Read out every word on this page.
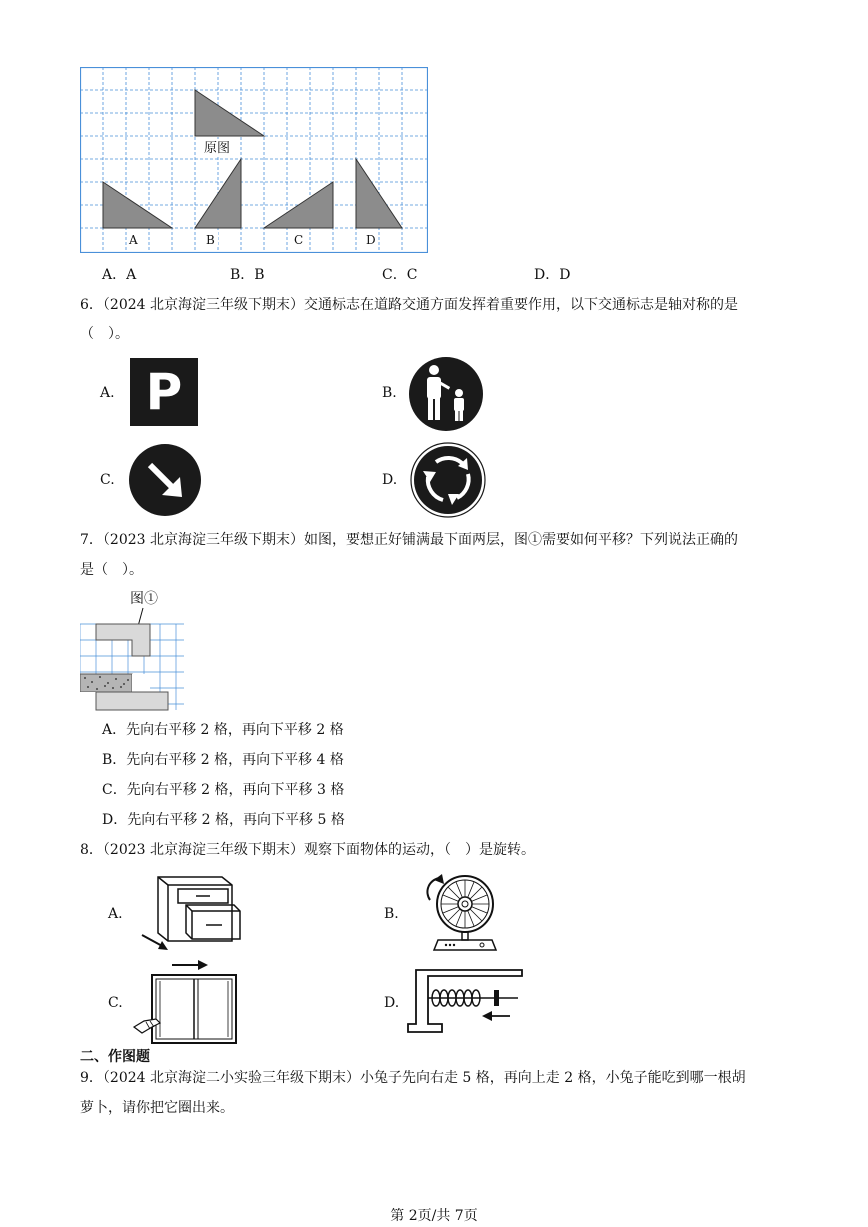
原图
A	B	C	D
A．A	B．B	C．C	D．D
6．（2024 北京海淀三年级下期末）交通标志在道路交通方面发挥着重要作用，以下交通标志是轴对称的是
（　）。
A. P	B.
C.	D.
7．（2023 北京海淀三年级下期末）如图，要想正好铺满最下面两层，图①需要如何平移？下列说法正确的
是（　）。
图①
A．先向右平移 2 格，再向下平移 2 格
B．先向右平移 2 格，再向下平移 4 格
C．先向右平移 2 格，再向下平移 3 格
D．先向右平移 2 格，再向下平移 5 格
8．（2023 北京海淀三年级下期末）观察下面物体的运动，（　）是旋转。
A.	B.
C.	D.
二、作图题
9．（2024 北京海淀二小实验三年级下期末）小兔子先向右走 5 格，再向上走 2 格，小兔子能吃到哪一根胡
萝卜，请你把它圈出来。
第 2页/共 7页
